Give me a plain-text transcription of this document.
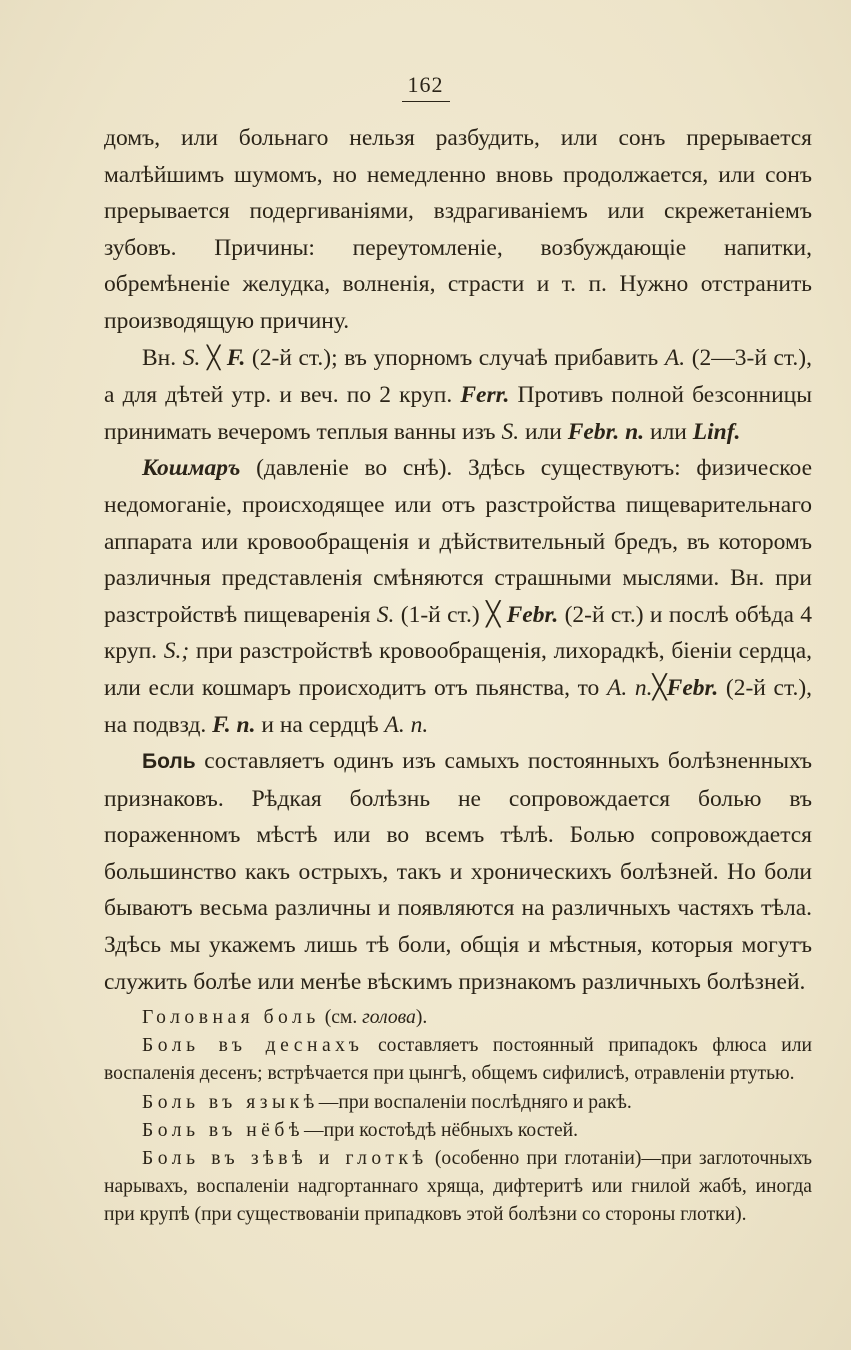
162

домъ, или больнаго нельзя разбудить, или сонъ прерывается малѣйшимъ шумомъ, но немедленно вновь продолжается, или сонъ прерывается подергиваніями, вздрагиваніемъ или скрежетаніемъ зубовъ. Причины: переутомленіе, возбуждающіе напитки, обремѣненіе желудка, волненія, страсти и т. п. Нужно отстранить производящую причину.

Вн. S. ╳ F. (2-й ст.); въ упорномъ случаѣ прибавить A. (2—3-й ст.), а для дѣтей утр. и веч. по 2 круп. Ferr. Противъ полной безсонницы принимать вечеромъ теплыя ванны изъ S. или Febr. n. или Linf.

Кошмаръ (давленіе во снѣ). Здѣсь существуютъ: физическое недомоганіе, происходящее или отъ разстройства пищеварительнаго аппарата или кровообращенія и дѣйствительный бредъ, въ которомъ различныя представленія смѣняются страшными мыслями. Вн. при разстройствѣ пищеваренія S. (1-й ст.) ╳ Febr. (2-й ст.) и послѣ обѣда 4 круп. S.; при разстройствѣ кровообращенія, лихорадкѣ, біеніи сердца, или если кошмаръ происходитъ отъ пьянства, то A. n.╳Febr. (2-й ст.), на подвзд. F. n. и на сердцѣ A. n.

Боль составляетъ одинъ изъ самыхъ постоянныхъ болѣзненныхъ признаковъ. Рѣдкая болѣзнь не сопровождается болью въ пораженномъ мѣстѣ или во всемъ тѣлѣ. Болью сопровождается большинство какъ острыхъ, такъ и хроническихъ болѣзней. Но боли бываютъ весьма различны и появляются на различныхъ частяхъ тѣла. Здѣсь мы укажемъ лишь тѣ боли, общія и мѣстныя, которыя могутъ служить болѣе или менѣе вѣскимъ признакомъ различныхъ болѣзней.

Головная боль (см. голова).

Боль въ деснахъ составляетъ постоянный припадокъ флюса или воспаленія десенъ; встрѣчается при цынгѣ, общемъ сифилисѣ, отравленіи ртутью.

Боль въ языкѣ—при воспаленіи послѣдняго и ракѣ.

Боль въ нёбѣ—при костоѣдѣ нёбныхъ костей.

Боль въ зѣвѣ и глоткѣ (особенно при глотаніи)—при заглоточныхъ нарывахъ, воспаленіи надгортаннаго хряща, дифтеритѣ или гнилой жабѣ, иногда при крупѣ (при существованіи припадковъ этой болѣзни со стороны глотки).
